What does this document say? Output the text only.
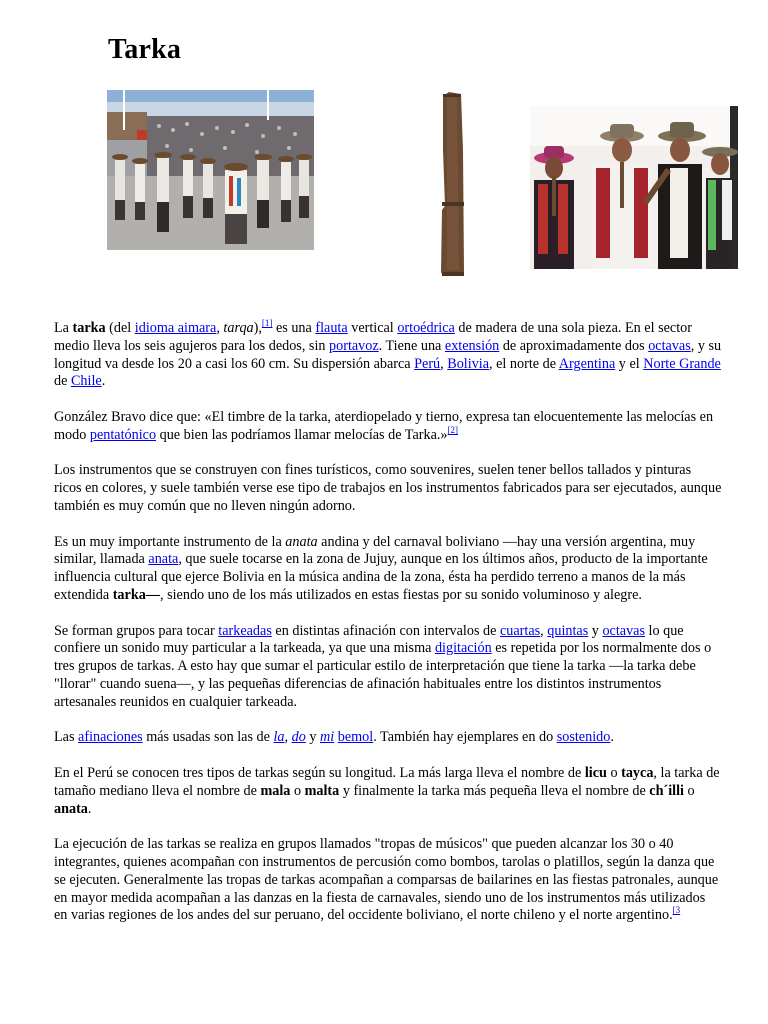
Tarka

La tarka (del idioma aimara, tarqa),[1] es una flauta vertical ortoédrica de madera de una sola pieza. En el sector medio lleva los seis agujeros para los dedos, sin portavoz. Tiene una extensión de aproximadamente dos octavas, y su longitud va desde los 20 a casi los 60 cm. Su dispersión abarca Perú, Bolivia, el norte de Argentina y el Norte Grande de Chile.

González Bravo dice que: «El timbre de la tarka, aterdiopelado y tierno, expresa tan elocuentemente las melocías en modo pentatónico que bien las podríamos llamar melocías de Tarka.»[2]

Los instrumentos que se construyen con fines turísticos, como souvenires, suelen tener bellos tallados y pinturas ricos en colores, y suele también verse ese tipo de trabajos en los instrumentos fabricados para ser ejecutados, aunque también es muy común que no lleven ningún adorno.

Es un muy importante instrumento de la anata andina y del carnaval boliviano —hay una versión argentina, muy similar, llamada anata, que suele tocarse en la zona de Jujuy, aunque en los últimos años, producto de la importante influencia cultural que ejerce Bolivia en la música andina de la zona, ésta ha perdido terreno a manos de la más extendida tarka—, siendo uno de los más utilizados en estas fiestas por su sonido voluminoso y alegre.

Se forman grupos para tocar tarkeadas en distintas afinación con intervalos de cuartas, quintas y octavas lo que confiere un sonido muy particular a la tarkeada, ya que una misma digitación es repetida por los normalmente dos o tres grupos de tarkas. A esto hay que sumar el particular estilo de interpretación que tiene la tarka —la tarka debe "llorar" cuando suena—, y las pequeñas diferencias de afinación habituales entre los distintos instrumentos artesanales reunidos en cualquier tarkeada.

Las afinaciones más usadas son las de la, do y mi bemol. También hay ejemplares en do sostenido.

En el Perú se conocen tres tipos de tarkas según su longitud. La más larga lleva el nombre de licu o tayca, la tarka de tamaño mediano lleva el nombre de mala o malta y finalmente la tarka más pequeña lleva el nombre de ch´illi o anata.

La ejecución de las tarkas se realiza en grupos llamados "tropas de músicos" que pueden alcanzar los 30 o 40 integrantes, quienes acompañan con instrumentos de percusión como bombos, tarolas o platillos, según la danza que se ejecuten. Generalmente las tropas de tarkas acompañan a comparsas de bailarines en las fiestas patronales, aunque en mayor medida acompañan a las danzas en la fiesta de carnavales, siendo uno de los instrumentos más utilizados en varias regiones de los andes del sur peruano, del occidente boliviano, el norte chileno y el norte argentino.$^{[3}$
